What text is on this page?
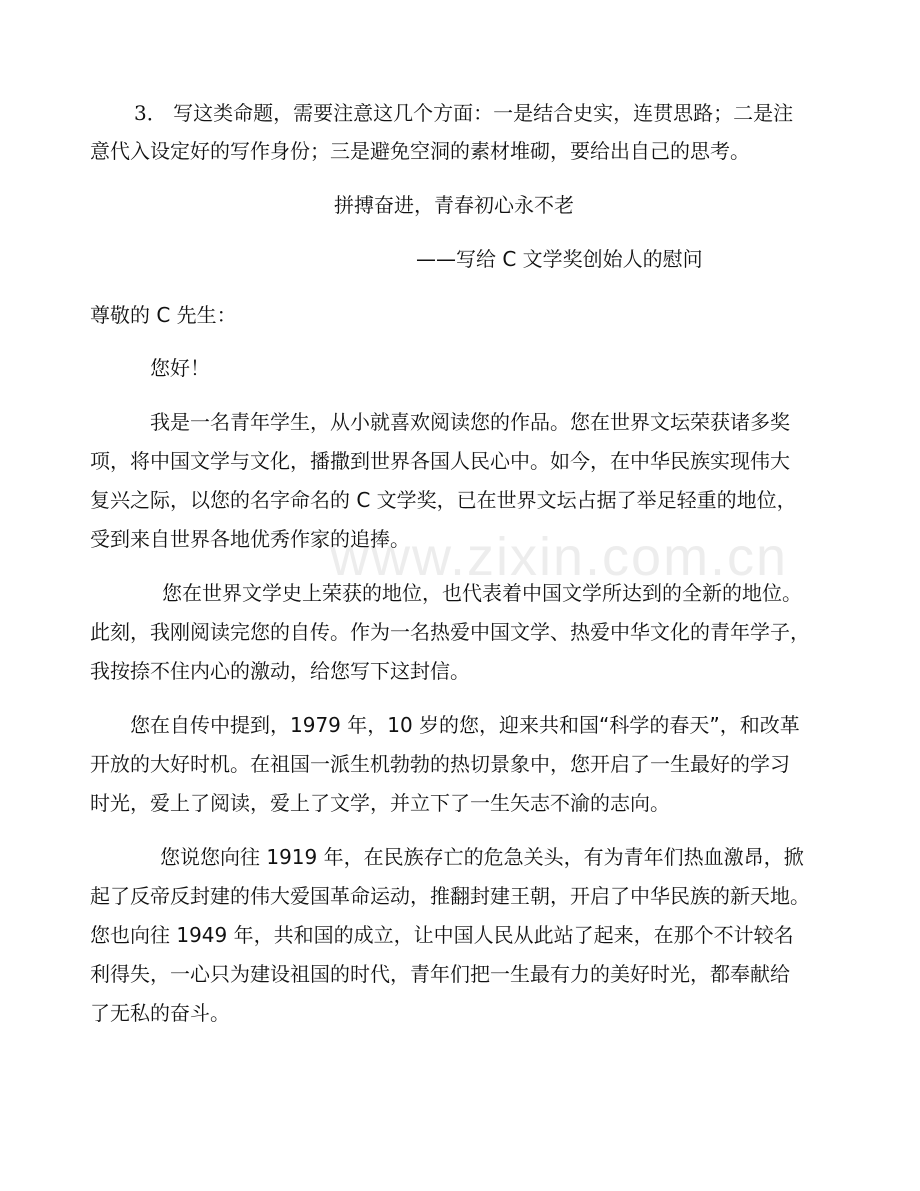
www.zixin.com.cn
3． 写这类命题，需要注意这几个方面：一是结合史实，连贯思路；二是注
意代入设定好的写作身份；三是避免空洞的素材堆砌，要给出自己的思考。
拼搏奋进，青春初心永不老
——写给 C 文学奖创始人的慰问
尊敬的 C 先生：
您好！
我是一名青年学生，从小就喜欢阅读您的作品。您在世界文坛荣获诸多奖
项，将中国文学与文化，播撒到世界各国人民心中。如今，在中华民族实现伟大
复兴之际，以您的名字命名的 C 文学奖，已在世界文坛占据了举足轻重的地位，
受到来自世界各地优秀作家的追捧。
您在世界文学史上荣获的地位，也代表着中国文学所达到的全新的地位。
此刻，我刚阅读完您的自传。作为一名热爱中国文学、热爱中华文化的青年学子，
我按捺不住内心的激动，给您写下这封信。
您在自传中提到，1979 年，10 岁的您，迎来共和国“科学的春天”，和改革
开放的大好时机。在祖国一派生机勃勃的热切景象中，您开启了一生最好的学习
时光，爱上了阅读，爱上了文学，并立下了一生矢志不渝的志向。
您说您向往 1919 年，在民族存亡的危急关头，有为青年们热血激昂，掀
起了反帝反封建的伟大爱国革命运动，推翻封建王朝，开启了中华民族的新天地。
您也向往 1949 年，共和国的成立，让中国人民从此站了起来，在那个不计较名
利得失，一心只为建设祖国的时代，青年们把一生最有力的美好时光，都奉献给
了无私的奋斗。
